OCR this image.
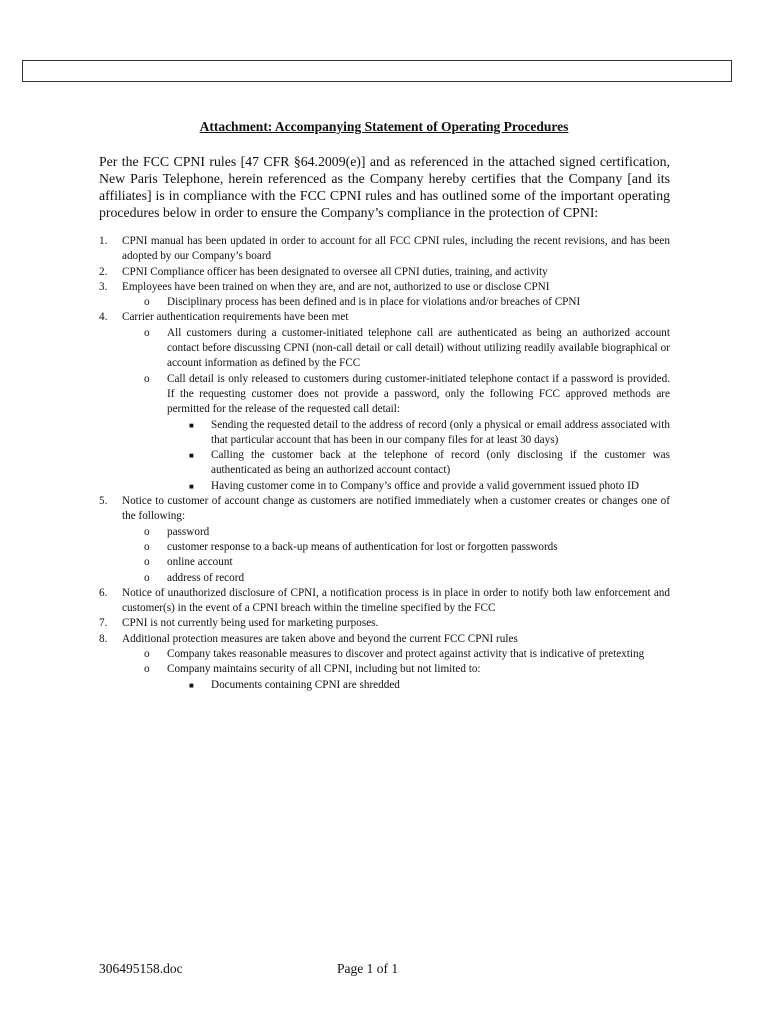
Attachment: Accompanying Statement of Operating Procedures
Per the FCC CPNI rules [47 CFR §64.2009(e)] and as referenced in the attached signed certification, New Paris Telephone, herein referenced as the Company hereby certifies that the Company [and its affiliates] is in compliance with the FCC CPNI rules and has outlined some of the important operating procedures below in order to ensure the Company’s compliance in the protection of CPNI:
1. CPNI manual has been updated in order to account for all FCC CPNI rules, including the recent revisions, and has been adopted by our Company’s board
2. CPNI Compliance officer has been designated to oversee all CPNI duties, training, and activity
3. Employees have been trained on when they are, and are not, authorized to use or disclose CPNI
o Disciplinary process has been defined and is in place for violations and/or breaches of CPNI
4. Carrier authentication requirements have been met
o All customers during a customer-initiated telephone call are authenticated as being an authorized account contact before discussing CPNI (non-call detail or call detail) without utilizing readily available biographical or account information as defined by the FCC
o Call detail is only released to customers during customer-initiated telephone contact if a password is provided. If the requesting customer does not provide a password, only the following FCC approved methods are permitted for the release of the requested call detail:
■ Sending the requested detail to the address of record (only a physical or email address associated with that particular account that has been in our company files for at least 30 days)
■ Calling the customer back at the telephone of record (only disclosing if the customer was authenticated as being an authorized account contact)
■ Having customer come in to Company’s office and provide a valid government issued photo ID
5. Notice to customer of account change as customers are notified immediately when a customer creates or changes one of the following:
o password
o customer response to a back-up means of authentication for lost or forgotten passwords
o online account
o address of record
6. Notice of unauthorized disclosure of CPNI, a notification process is in place in order to notify both law enforcement and customer(s) in the event of a CPNI breach within the timeline specified by the FCC
7. CPNI is not currently being used for marketing purposes.
8. Additional protection measures are taken above and beyond the current FCC CPNI rules
o Company takes reasonable measures to discover and protect against activity that is indicative of pretexting
o Company maintains security of all CPNI, including but not limited to:
■ Documents containing CPNI are shredded
306495158.doc	Page 1 of 1
